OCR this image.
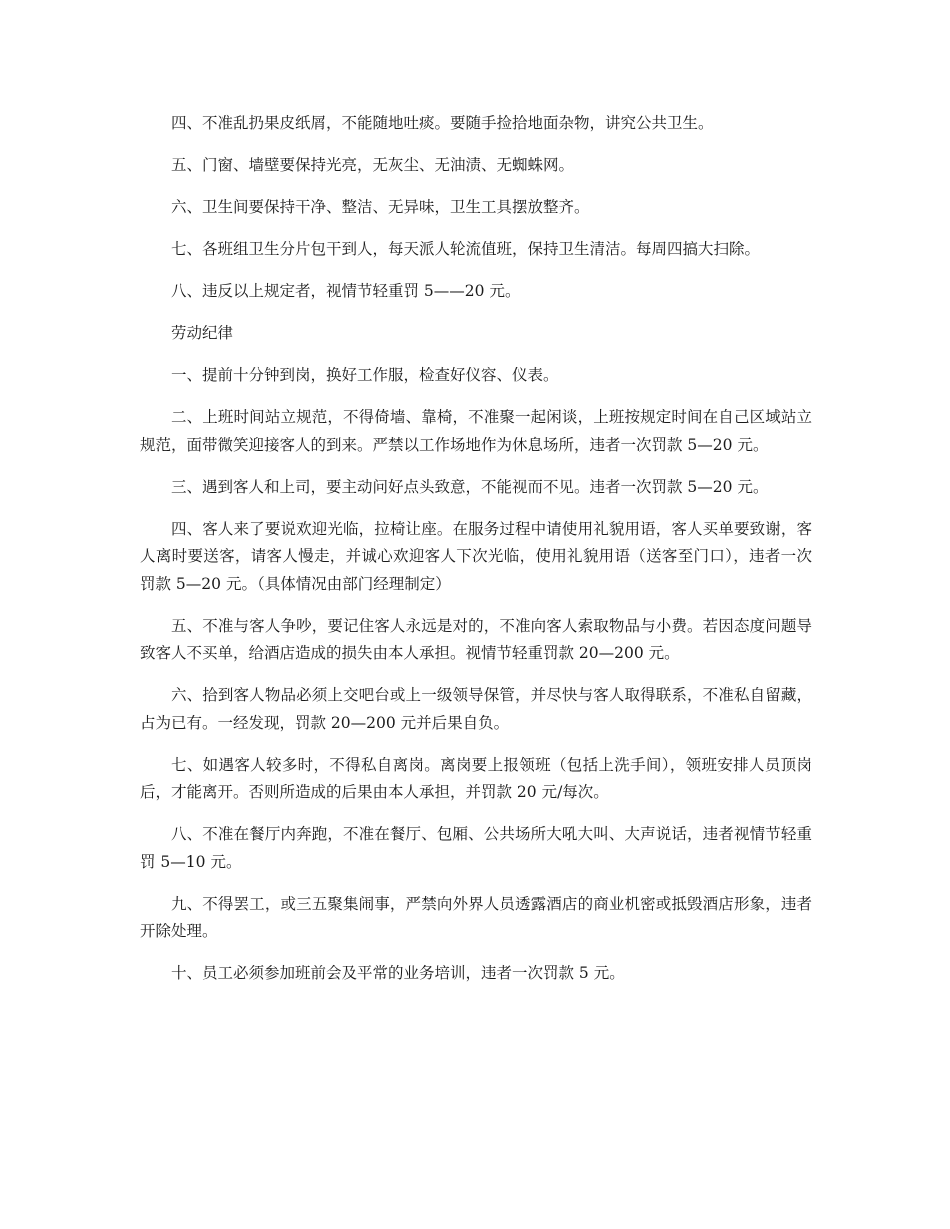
四、不准乱扔果皮纸屑，不能随地吐痰。要随手捡拾地面杂物，讲究公共卫生。

五、门窗、墙壁要保持光亮，无灰尘、无油渍、无蜘蛛网。

六、卫生间要保持干净、整洁、无异味，卫生工具摆放整齐。

七、各班组卫生分片包干到人，每天派人轮流值班，保持卫生清洁。每周四搞大扫除。

八、违反以上规定者，视情节轻重罚 5——20 元。

劳动纪律

一、提前十分钟到岗，换好工作服，检查好仪容、仪表。

二、上班时间站立规范，不得倚墙、靠椅，不准聚一起闲谈，上班按规定时间在自己区域站立规范，面带微笑迎接客人的到来。严禁以工作场地作为休息场所，违者一次罚款 5—20 元。

三、遇到客人和上司，要主动问好点头致意，不能视而不见。违者一次罚款 5—20 元。

四、客人来了要说欢迎光临，拉椅让座。在服务过程中请使用礼貌用语，客人买单要致谢，客人离时要送客，请客人慢走，并诚心欢迎客人下次光临，使用礼貌用语（送客至门口），违者一次罚款 5—20 元。（具体情况由部门经理制定）

五、不准与客人争吵，要记住客人永远是对的，不准向客人索取物品与小费。若因态度问题导致客人不买单，给酒店造成的损失由本人承担。视情节轻重罚款 20—200 元。

六、拾到客人物品必须上交吧台或上一级领导保管，并尽快与客人取得联系，不准私自留藏，占为已有。一经发现，罚款 20—200 元并后果自负。

七、如遇客人较多时，不得私自离岗。离岗要上报领班（包括上洗手间），领班安排人员顶岗后，才能离开。否则所造成的后果由本人承担，并罚款 20 元/每次。

八、不准在餐厅内奔跑，不准在餐厅、包厢、公共场所大吼大叫、大声说话，违者视情节轻重罚 5—10 元。

九、不得罢工，或三五聚集闹事，严禁向外界人员透露酒店的商业机密或抵毁酒店形象，违者开除处理。

十、员工必须参加班前会及平常的业务培训，违者一次罚款 5 元。
